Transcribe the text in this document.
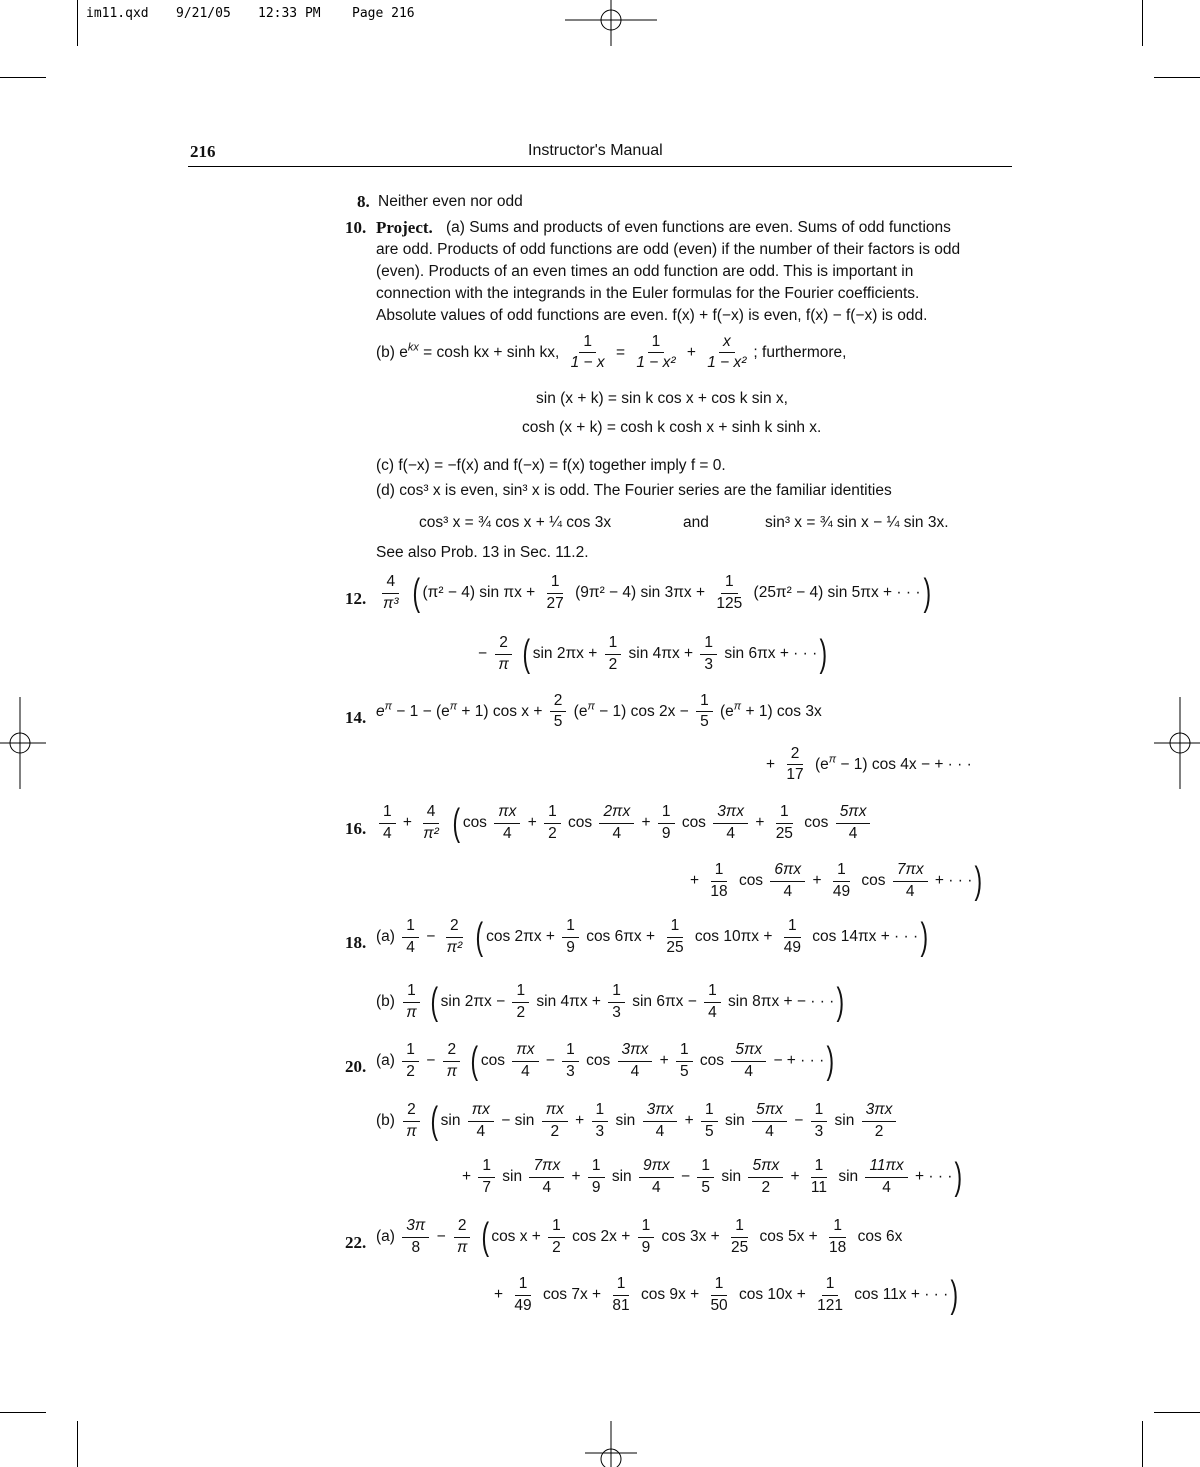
im11.qxd 9/21/05 12:33 PM Page 216
216	Instructor's Manual
8. Neither even nor odd
10. Project. (a) Sums and products of even functions are even. Sums of odd functions
are odd. Products of odd functions are odd (even) if the number of their factors is odd
(even). Products of an even times an odd function are odd. This is important in
connection with the integrands in the Euler formulas for the Fourier coefficients.
Absolute values of odd functions are even. f(x) + f(−x) is even, f(x) − f(−x) is odd.
(b) $e^{kx} = \cosh$ kx + sinh kx, $\frac{1}{1 - x} = \frac{1}{\text{1 − x²}} + \frac{x}{\text{1 − x²}}$ ; furthermore,
sin (x + k) = sin k cos x + cos k sin x,
cosh (x + k) = cosh k cosh x + sinh k sinh x.
(c) f(−x) = −f(x) and f(−x) = f(x) together imply f = 0.
(d) cos³ x is even, sin³ x is odd. The Fourier series are the familiar identities
cos³ x = ¾ cos x + ¼ cos 3x	and	sin³ x = ¾ sin x − ¼ sin 3x.
See also Prob. 13 in Sec. 11.2.
12. $\frac{4}{\text{π³}}$ ( (π² − 4) $\sin \pi x + \frac{1}{27} (9\pi^2 - 4)$ $\sin 3\pi x + \frac{1}{125} (25\pi^2 - 4)$ sin 5πx + · · ·)
− $\frac{2}{\pi}$ ( $\sin 2\pi x + \frac{1}{2}$ $\sin 4\pi x + \frac{1}{3}$ sin 6πx + · · ·)
14. $e^\pi - 1 - (e^\pi + 1)$ $\cos x + \frac{2}{5} (e^\pi - 1)$ $\cos 2x - \frac{1}{5} (e^\pi + 1)$ cos 3x
+ $\frac{2}{17} (e^\pi - 1)$ cos 4x − + · · ·
16. $\frac{1}{4} + \frac{4}{\text{π²}}$ ( $\cos \frac{\pi x}{4} + \frac{1}{2}$ $\cos \frac{2\pi x}{4} + \frac{1}{9}$ $\cos \frac{3\pi x}{4} + \frac{1}{25}$ $\cos \frac{5\pi x}{4}$
+ $\frac{1}{18}$ $\cos \frac{6\pi x}{4} + \frac{1}{49}$ $\cos \frac{7\pi x}{4}$ + · · ·)
18. $(a) \frac{1}{4} - \frac{2}{\text{π²}}$ ( $\cos 2\pi x + \frac{1}{9}$ $\cos 6\pi x + \frac{1}{25}$ $\cos 10\pi x + \frac{1}{49}$ cos 14πx + · · ·)
$(b) \frac{1}{\pi}$ ( $\sin 2\pi x - \frac{1}{2}$ $\sin 4\pi x + \frac{1}{3}$ $\sin 6\pi x - \frac{1}{4}$ sin 8πx + − · · ·)
20. $(a) \frac{1}{2} - \frac{2}{\pi}$ ( $\cos \frac{\pi x}{4} - \frac{1}{3}$ $\cos \frac{3\pi x}{4} + \frac{1}{5}$ $\cos \frac{5\pi x}{4}$ − + · · ·)
$(b) \frac{2}{\pi}$ ( $\sin \frac{\pi x}{4} - \sin \frac{\pi x}{2} + \frac{1}{3}$ $\sin \frac{3\pi x}{4} + \frac{1}{5}$ $\sin \frac{5\pi x}{4} - \frac{1}{3}$ $\sin \frac{3\pi x}{2}$
+ $\frac{1}{7}$ $\sin \frac{7\pi x}{4} + \frac{1}{9}$ $\sin \frac{9\pi x}{4} - \frac{1}{5}$ $\sin \frac{5\pi x}{2} + \frac{1}{11}$ $\sin \frac{11\pi x}{4}$ + · · ·)
22. $(a) \frac{3\pi}{8} - \frac{2}{\pi}$ ( $\cos x + \frac{1}{2}$ $\cos 2x + \frac{1}{9}$ $\cos 3x + \frac{1}{25}$ $\cos 5x + \frac{1}{18}$ cos 6x
+ $\frac{1}{49}$ $\cos 7x + \frac{1}{81}$ $\cos 9x + \frac{1}{50}$ $\cos 10x + \frac{1}{121}$ cos 11x + · · ·)
